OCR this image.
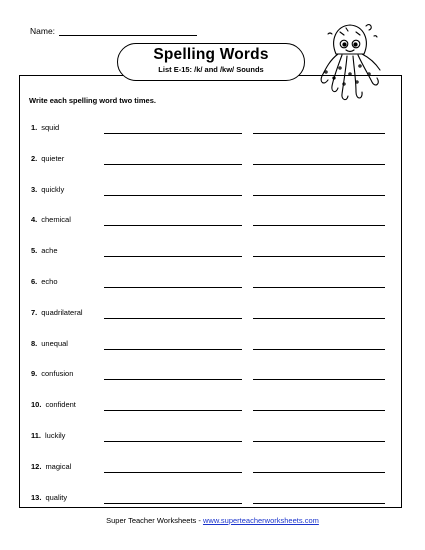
Name:
Spelling Words
List E-15: /k/ and /kw/ Sounds
Write each spelling word two times.
1. squid
2. quieter
3. quickly
4. chemical
5. ache
6. echo
7. quadrilateral
8. unequal
9. confusion
10. confident
11. luckily
12. magical
13. quality
Super Teacher Worksheets - www.superteacherworksheets.com
